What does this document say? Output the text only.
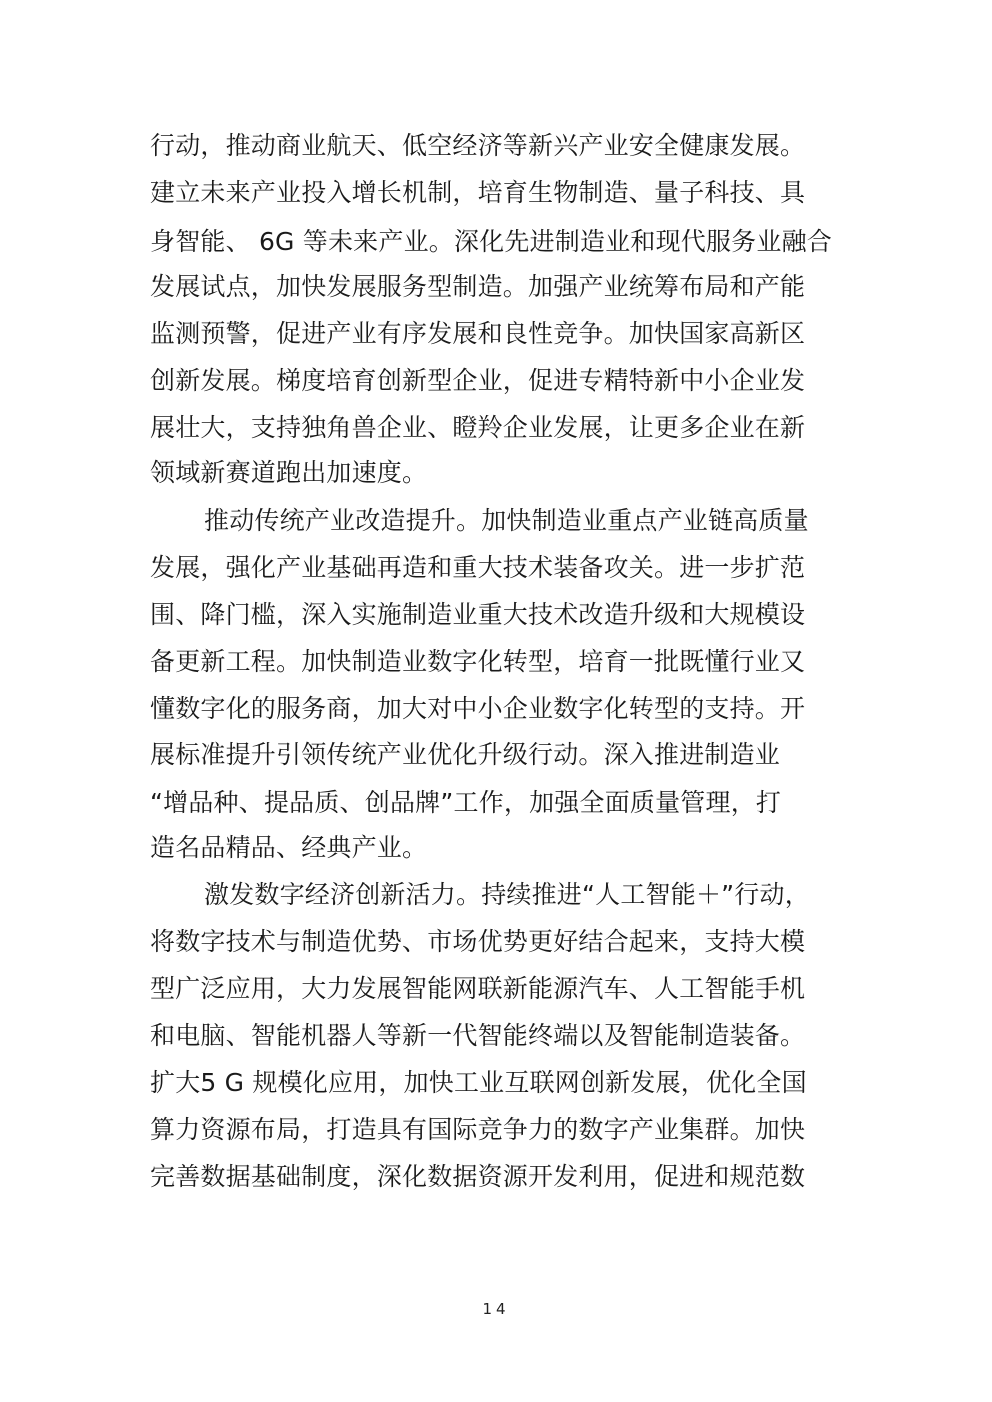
行动，推动商业航天、低空经济等新兴产业安全健康发展。
建立未来产业投入增长机制，培育生物制造、量子科技、具
身智能、 6G 等未来产业。深化先进制造业和现代服务业融合
发展试点，加快发展服务型制造。加强产业统筹布局和产能
监测预警，促进产业有序发展和良性竞争。加快国家高新区
创新发展。梯度培育创新型企业，促进专精特新中小企业发
展壮大，支持独角兽企业、瞪羚企业发展，让更多企业在新
领域新赛道跑出加速度。
推动传统产业改造提升。加快制造业重点产业链高质量
发展，强化产业基础再造和重大技术装备攻关。进一步扩范
围、降门槛，深入实施制造业重大技术改造升级和大规模设
备更新工程。加快制造业数字化转型，培育一批既懂行业又
懂数字化的服务商，加大对中小企业数字化转型的支持。开
展标准提升引领传统产业优化升级行动。深入推进制造业
“增品种、提品质、创品牌”工作，加强全面质量管理，打
造名品精品、经典产业。
激发数字经济创新活力。持续推进“人工智能＋”行动，
将数字技术与制造优势、市场优势更好结合起来，支持大模
型广泛应用，大力发展智能网联新能源汽车、人工智能手机
和电脑、智能机器人等新一代智能终端以及智能制造装备。
扩大5 G 规模化应用，加快工业互联网创新发展，优化全国
算力资源布局，打造具有国际竞争力的数字产业集群。加快
完善数据基础制度，深化数据资源开发利用，促进和规范数
14
